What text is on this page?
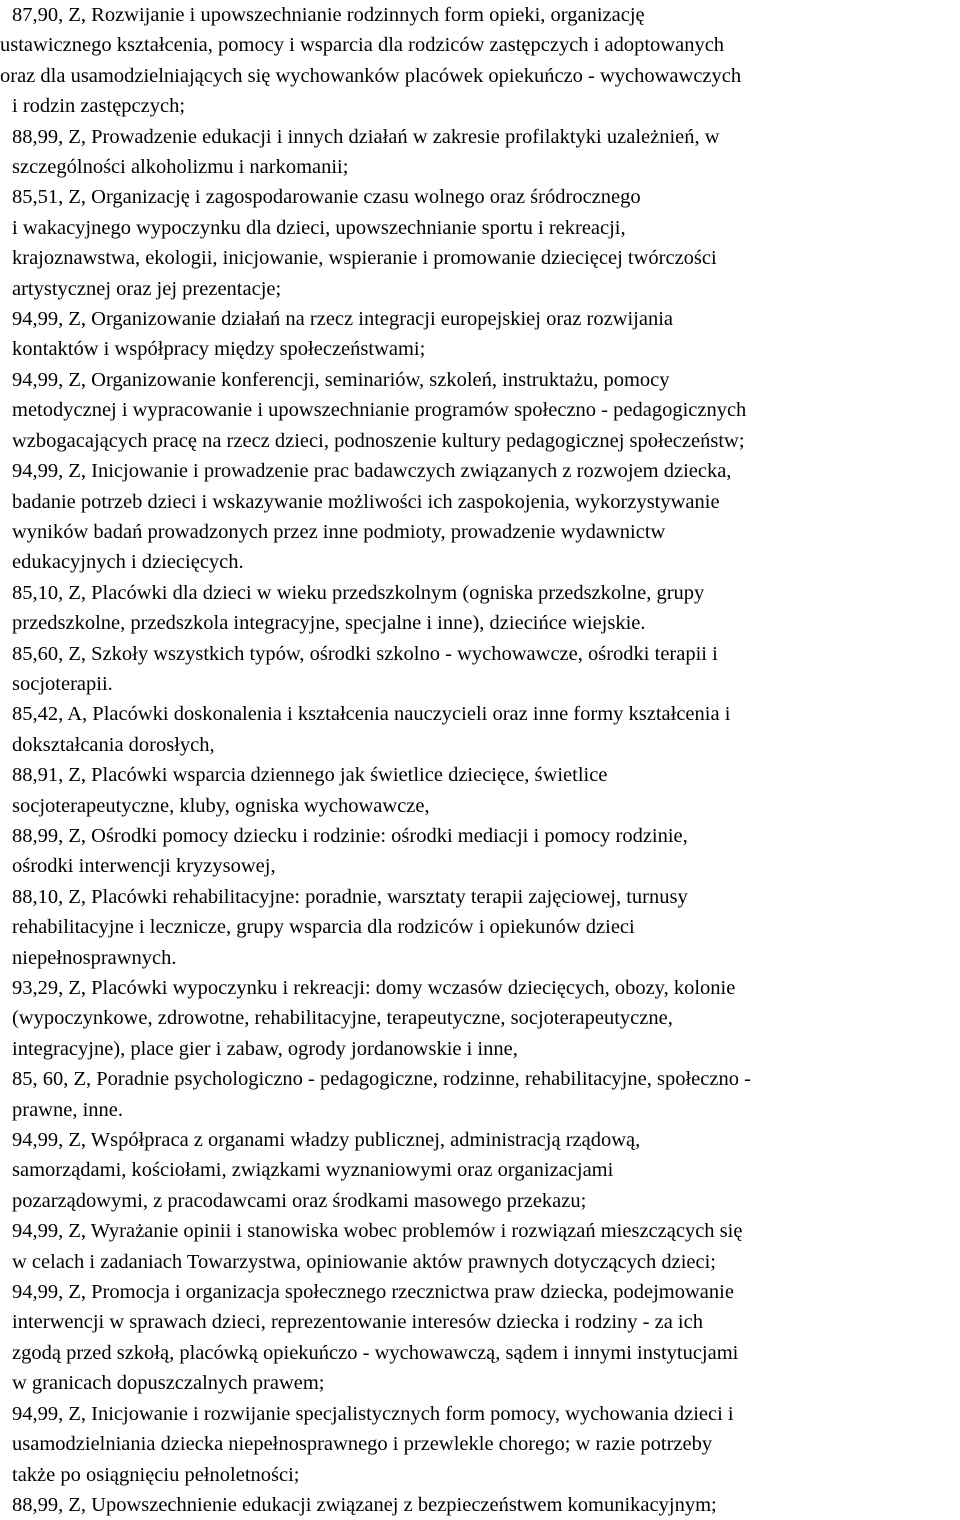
87,90, Z, Rozwijanie i upowszechnianie rodzinnych form opieki, organizację
ustawicznego kształcenia, pomocy i wsparcia dla rodziców zastępczych i adoptowanych
oraz dla usamodzielniających się wychowanków placówek opiekuńczo - wychowawczych
i rodzin zastępczych;

88,99, Z, Prowadzenie edukacji i innych działań w zakresie profilaktyki uzależnień, w
szczególności alkoholizmu i narkomanii;

85,51, Z, Organizację i zagospodarowanie czasu wolnego oraz śródrocznego
i wakacyjnego wypoczynku dla dzieci, upowszechnianie sportu i rekreacji,
krajoznawstwa, ekologii, inicjowanie, wspieranie i promowanie dziecięcej twórczości
artystycznej oraz jej prezentacje;

94,99, Z, Organizowanie działań na rzecz integracji europejskiej oraz rozwijania
kontaktów i współpracy między społeczeństwami;

94,99, Z, Organizowanie konferencji, seminariów, szkoleń, instruktażu, pomocy
metodycznej i wypracowanie i upowszechnianie programów społeczno - pedagogicznych
wzbogacających pracę na rzecz dzieci, podnoszenie kultury pedagogicznej społeczeństw;

94,99, Z, Inicjowanie i prowadzenie prac badawczych związanych z rozwojem dziecka,
badanie potrzeb dzieci i wskazywanie możliwości ich zaspokojenia, wykorzystywanie
wyników badań prowadzonych przez inne podmioty, prowadzenie wydawnictw
edukacyjnych i dziecięcych.

85,10, Z, Placówki dla dzieci w wieku przedszkolnym (ogniska przedszkolne, grupy
przedszkolne, przedszkola integracyjne, specjalne i inne), dziecińce wiejskie.

85,60, Z, Szkoły wszystkich typów, ośrodki szkolno - wychowawcze, ośrodki terapii i
socjoterapii.

85,42, A, Placówki doskonalenia i kształcenia nauczycieli oraz inne formy kształcenia i
dokształcania dorosłych,

88,91, Z, Placówki wsparcia dziennego jak świetlice dziecięce, świetlice
socjoterapeutyczne, kluby, ogniska wychowawcze,

88,99, Z, Ośrodki pomocy dziecku i rodzinie: ośrodki mediacji i pomocy rodzinie,
ośrodki interwencji kryzysowej,

88,10, Z, Placówki rehabilitacyjne: poradnie, warsztaty terapii zajęciowej, turnusy
rehabilitacyjne i lecznicze, grupy wsparcia dla rodziców i opiekunów dzieci
niepełnosprawnych.

93,29, Z, Placówki wypoczynku i rekreacji: domy wczasów dziecięcych, obozy, kolonie
(wypoczynkowe, zdrowotne, rehabilitacyjne, terapeutyczne, socjoterapeutyczne,
integracyjne), place gier i zabaw, ogrody jordanowskie i inne,

85, 60, Z, Poradnie psychologiczno - pedagogiczne, rodzinne, rehabilitacyjne, społeczno -
prawne, inne.

94,99, Z, Współpraca z organami władzy publicznej, administracją rządową,
samorządami, kościołami, związkami wyznaniowymi oraz organizacjami
pozarządowymi, z pracodawcami oraz środkami masowego przekazu;

94,99, Z, Wyrażanie opinii i stanowiska wobec problemów i rozwiązań mieszczących się
w celach i zadaniach Towarzystwa, opiniowanie aktów prawnych dotyczących dzieci;

94,99, Z, Promocja i organizacja społecznego rzecznictwa praw dziecka, podejmowanie
interwencji w sprawach dzieci, reprezentowanie interesów dziecka i rodziny - za ich
zgodą przed szkołą, placówką opiekuńczo - wychowawczą, sądem i innymi instytucjami
w granicach dopuszczalnych prawem;

94,99, Z, Inicjowanie i rozwijanie specjalistycznych form pomocy, wychowania dzieci i
usamodzielniania dziecka niepełnosprawnego i przewlekle chorego; w razie potrzeby
także po osiągnięciu pełnoletności;

88,99, Z, Upowszechnienie edukacji związanej z bezpieczeństwem komunikacyjnym;
